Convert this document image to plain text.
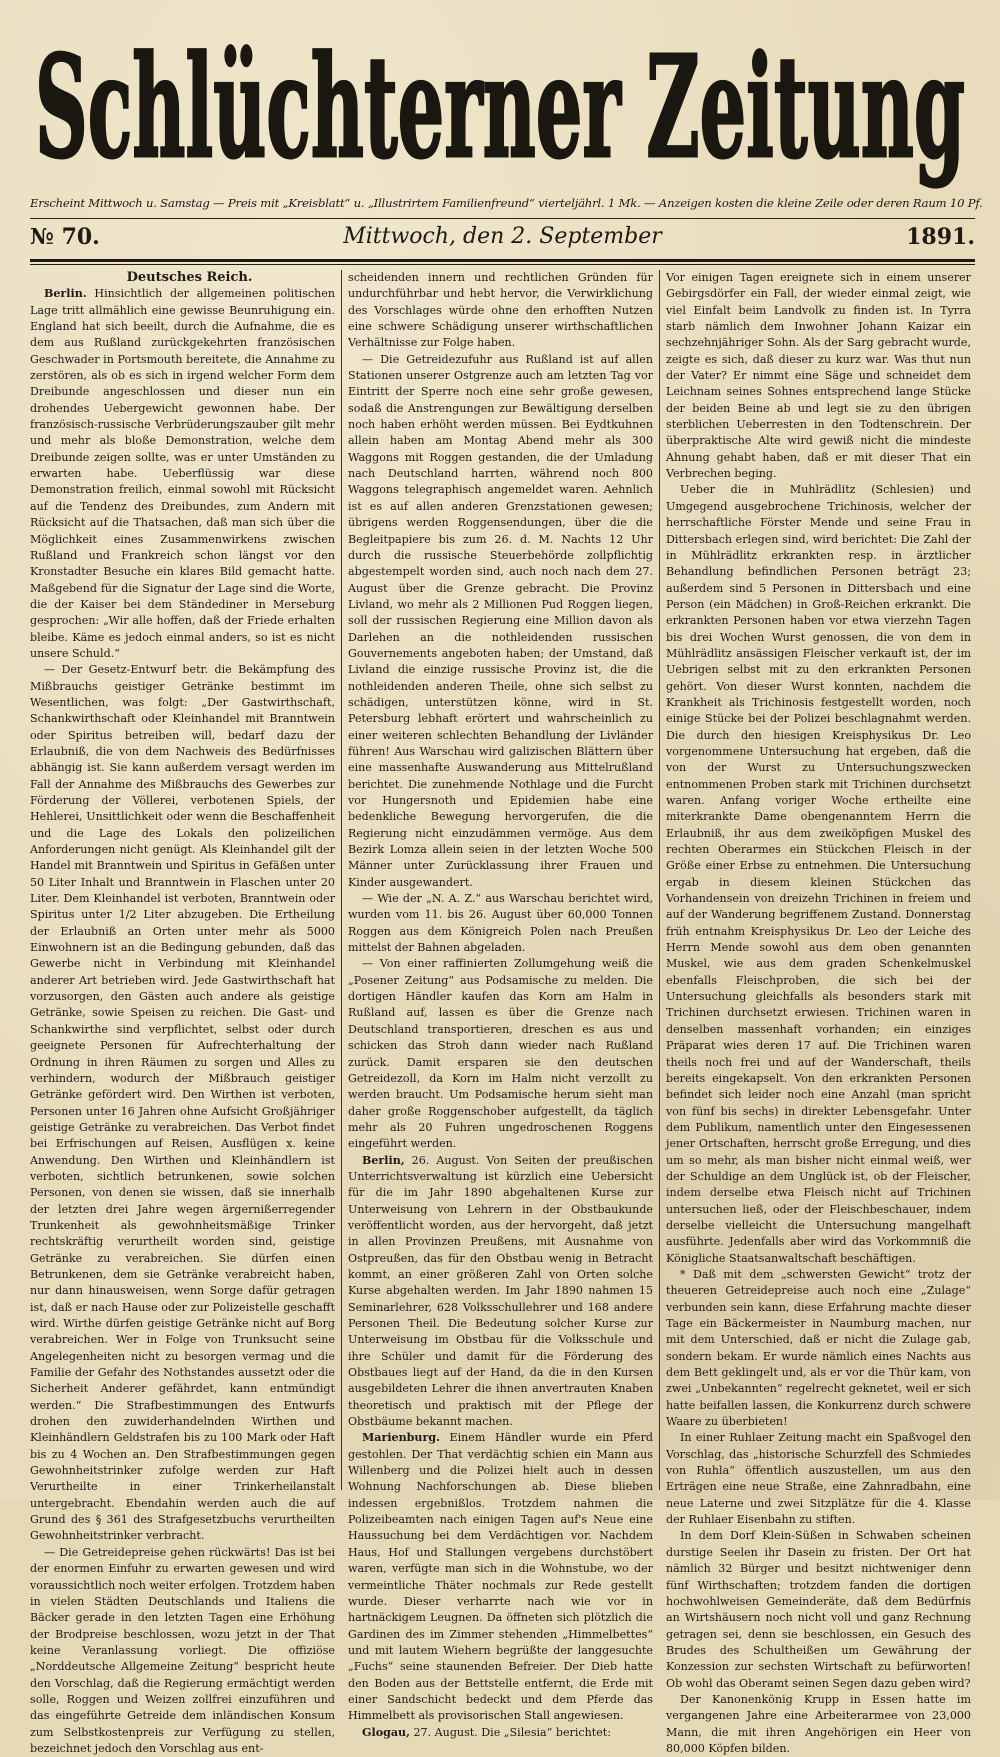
Schlüchterner Zeitung
Erscheint Mittwoch u. Samstag — Preis mit „Kreisblatt“ u. „Illustrirtem Familienfreund“ vierteljährl. 1 Mk. — Anzeigen kosten die kleine Zeile oder deren Raum 10 Pf.
№ 70.	Mittwoch, den 2. September	1891.

Deutsches Reich.

Berlin. Hinsichtlich der allgemeinen politischen Lage tritt allmählich eine gewisse Beunruhigung ein. England hat sich beeilt, durch die Aufnahme, die es dem aus Rußland zurückgekehrten französischen Geschwader in Portsmouth bereitete, die Annahme zu zerstören, als ob es sich in irgend welcher Form dem Dreibunde angeschlossen und dieser nun ein drohendes Uebergewicht gewonnen habe. Der französisch-russische Verbrüderungszauber gilt mehr und mehr als bloße Demonstration, welche dem Dreibunde zeigen sollte, was er unter Umständen zu erwarten habe. Ueberflüssig war diese Demonstration freilich, einmal sowohl mit Rücksicht auf die Tendenz des Dreibundes, zum Andern mit Rücksicht auf die Thatsachen, daß man sich über die Möglichkeit eines Zusammenwirkens zwischen Rußland und Frankreich schon längst vor den Kronstadter Besuche ein klares Bild gemacht hatte. Maßgebend für die Signatur der Lage sind die Worte, die der Kaiser bei dem Ständediner in Merseburg gesprochen: „Wir alle hoffen, daß der Friede erhalten bleibe. Käme es jedoch einmal anders, so ist es nicht unsere Schuld.“

— Der Gesetz-Entwurf betr. die Bekämpfung des Mißbrauchs geistiger Getränke bestimmt im Wesentlichen, was folgt: „Der Gastwirthschaft, Schankwirthschaft oder Kleinhandel mit Branntwein oder Spiritus betreiben will, bedarf dazu der Erlaubniß, die von dem Nachweis des Bedürfnisses abhängig ist. Sie kann außerdem versagt werden im Fall der Annahme des Mißbrauchs des Gewerbes zur Förderung der Völlerei, verbotenen Spiels, der Hehlerei, Unsittlichkeit oder wenn die Beschaffenheit und die Lage des Lokals den polizeilichen Anforderungen nicht genügt. Als Kleinhandel gilt der Handel mit Branntwein und Spiritus in Gefäßen unter 50 Liter Inhalt und Branntwein in Flaschen unter 20 Liter. Dem Kleinhandel ist verboten, Branntwein oder Spiritus unter 1/2 Liter abzugeben. Die Ertheilung der Erlaubniß an Orten unter mehr als 5000 Einwohnern ist an die Bedingung gebunden, daß das Gewerbe nicht in Verbindung mit Kleinhandel anderer Art betrieben wird. Jede Gastwirthschaft hat vorzusorgen, den Gästen auch andere als geistige Getränke, sowie Speisen zu reichen. Die Gast- und Schankwirthe sind verpflichtet, selbst oder durch geeignete Personen für Aufrechterhaltung der Ordnung in ihren Räumen zu sorgen und Alles zu verhindern, wodurch der Mißbrauch geistiger Getränke gefördert wird. Den Wirthen ist verboten, Personen unter 16 Jahren ohne Aufsicht Großjähriger geistige Getränke zu verabreichen. Das Verbot findet bei Erfrischungen auf Reisen, Ausflügen x. keine Anwendung. Den Wirthen und Kleinhändlern ist verboten, sichtlich betrunkenen, sowie solchen Personen, von denen sie wissen, daß sie innerhalb der letzten drei Jahre wegen ärgernißerregender Trunkenheit als gewohnheitsmäßige Trinker rechtskräftig verurtheilt worden sind, geistige Getränke zu verabreichen. Sie dürfen einen Betrunkenen, dem sie Getränke verabreicht haben, nur dann hinausweisen, wenn Sorge dafür getragen ist, daß er nach Hause oder zur Polizeistelle geschafft wird. Wirthe dürfen geistige Getränke nicht auf Borg verabreichen. Wer in Folge von Trunksucht seine Angelegenheiten nicht zu besorgen vermag und die Familie der Gefahr des Nothstandes aussetzt oder die Sicherheit Anderer gefährdet, kann entmündigt werden.“ Die Strafbestimmungen des Entwurfs drohen den zuwiderhandelnden Wirthen und Kleinhändlern Geldstrafen bis zu 100 Mark oder Haft bis zu 4 Wochen an. Den Strafbestimmungen gegen Gewohnheitstrinker zufolge werden zur Haft Verurtheilte in einer Trinkerheilanstalt untergebracht. Ebendahin werden auch die auf Grund des § 361 des Strafgesetzbuchs verurtheilten Gewohnheitstrinker verbracht.

— Die Getreidepreise gehen rückwärts! Das ist bei der enormen Einfuhr zu erwarten gewesen und wird voraussichtlich noch weiter erfolgen. Trotzdem haben in vielen Städten Deutschlands und Italiens die Bäcker gerade in den letzten Tagen eine Erhöhung der Brodpreise beschlossen, wozu jetzt in der That keine Veranlassung vorliegt. Die offiziöse „Norddeutsche Allgemeine Zeitung“ bespricht heute den Vorschlag, daß die Regierung ermächtigt werden solle, Roggen und Weizen zollfrei einzuführen und das eingeführte Getreide dem inländischen Konsum zum Selbstkostenpreis zur Verfügung zu stellen, bezeichnet jedoch den Vorschlag aus ent-

scheidenden innern und rechtlichen Gründen für undurchführbar und hebt hervor, die Verwirklichung des Vorschlages würde ohne den erhofften Nutzen eine schwere Schädigung unserer wirthschaftlichen Verhältnisse zur Folge haben.

— Die Getreidezufuhr aus Rußland ist auf allen Stationen unserer Ostgrenze auch am letzten Tag vor Eintritt der Sperre noch eine sehr große gewesen, sodaß die Anstrengungen zur Bewältigung derselben noch haben erhöht werden müssen. Bei Eydtkuhnen allein haben am Montag Abend mehr als 300 Waggons mit Roggen gestanden, die der Umladung nach Deutschland harrten, während noch 800 Waggons telegraphisch angemeldet waren. Aehnlich ist es auf allen anderen Grenzstationen gewesen; übrigens werden Roggensendungen, über die die Begleitpapiere bis zum 26. d. M. Nachts 12 Uhr durch die russische Steuerbehörde zollpflichtig abgestempelt worden sind, auch noch nach dem 27. August über die Grenze gebracht. Die Provinz Livland, wo mehr als 2 Millionen Pud Roggen liegen, soll der russischen Regierung eine Million davon als Darlehen an die nothleidenden russischen Gouvernements angeboten haben; der Umstand, daß Livland die einzige russische Provinz ist, die die nothleidenden anderen Theile, ohne sich selbst zu schädigen, unterstützen könne, wird in St. Petersburg lebhaft erörtert und wahrscheinlich zu einer weiteren schlechten Behandlung der Livländer führen! Aus Warschau wird galizischen Blättern über eine massenhafte Auswanderung aus Mittelrußland berichtet. Die zunehmende Nothlage und die Furcht vor Hungersnoth und Epidemien habe eine bedenkliche Bewegung hervorgerufen, die die Regierung nicht einzudämmen vermöge. Aus dem Bezirk Lomza allein seien in der letzten Woche 500 Männer unter Zurücklassung ihrer Frauen und Kinder ausgewandert.

— Wie der „N. A. Z.“ aus Warschau berichtet wird, wurden vom 11. bis 26. August über 60,000 Tonnen Roggen aus dem Königreich Polen nach Preußen mittelst der Bahnen abgeladen.

— Von einer raffinierten Zollumgehung weiß die „Posener Zeitung“ aus Podsamische zu melden. Die dortigen Händler kaufen das Korn am Halm in Rußland auf, lassen es über die Grenze nach Deutschland transportieren, dreschen es aus und schicken das Stroh dann wieder nach Rußland zurück. Damit ersparen sie den deutschen Getreidezoll, da Korn im Halm nicht verzollt zu werden braucht. Um Podsamische herum sieht man daher große Roggenschober aufgestellt, da täglich mehr als 20 Fuhren ungedroschenen Roggens eingeführt werden.

Berlin, 26. August. Von Seiten der preußischen Unterrichtsverwaltung ist kürzlich eine Uebersicht für die im Jahr 1890 abgehaltenen Kurse zur Unterweisung von Lehrern in der Obstbaukunde veröffentlicht worden, aus der hervorgeht, daß jetzt in allen Provinzen Preußens, mit Ausnahme von Ostpreußen, das für den Obstbau wenig in Betracht kommt, an einer größeren Zahl von Orten solche Kurse abgehalten werden. Im Jahr 1890 nahmen 15 Seminarlehrer, 628 Volksschullehrer und 168 andere Personen Theil. Die Bedeutung solcher Kurse zur Unterweisung im Obstbau für die Volksschule und ihre Schüler und damit für die Förderung des Obstbaues liegt auf der Hand, da die in den Kursen ausgebildeten Lehrer die ihnen anvertrauten Knaben theoretisch und praktisch mit der Pflege der Obstbäume bekannt machen.

Marienburg. Einem Händler wurde ein Pferd gestohlen. Der That verdächtig schien ein Mann aus Willenberg und die Polizei hielt auch in dessen Wohnung Nachforschungen ab. Diese blieben indessen ergebnißlos. Trotzdem nahmen die Polizeibeamten nach einigen Tagen auf's Neue eine Haussuchung bei dem Verdächtigen vor. Nachdem Haus, Hof und Stallungen vergebens durchstöbert waren, verfügte man sich in die Wohnstube, wo der vermeintliche Thäter nochmals zur Rede gestellt wurde. Dieser verharrte nach wie vor in hartnäckigem Leugnen. Da öffneten sich plötzlich die Gardinen des im Zimmer stehenden „Himmelbettes“ und mit lautem Wiehern begrüßte der langgesuchte „Fuchs“ seine staunenden Befreier. Der Dieb hatte den Boden aus der Bettstelle entfernt, die Erde mit einer Sandschicht bedeckt und dem Pferde das Himmelbett als provisorischen Stall angewiesen.

Glogau, 27. August. Die „Silesia“ berichtet:

Vor einigen Tagen ereignete sich in einem unserer Gebirgsdörfer ein Fall, der wieder einmal zeigt, wie viel Einfalt beim Landvolk zu finden ist. In Tyrra starb nämlich dem Inwohner Johann Kaizar ein sechzehnjähriger Sohn. Als der Sarg gebracht wurde, zeigte es sich, daß dieser zu kurz war. Was thut nun der Vater? Er nimmt eine Säge und schneidet dem Leichnam seines Sohnes entsprechend lange Stücke der beiden Beine ab und legt sie zu den übrigen sterblichen Ueberresten in den Todtenschrein. Der überpraktische Alte wird gewiß nicht die mindeste Ahnung gehabt haben, daß er mit dieser That ein Verbrechen beging.

Ueber die in Muhlrädlitz (Schlesien) und Umgegend ausgebrochene Trichinosis, welcher der herrschaftliche Förster Mende und seine Frau in Dittersbach erlegen sind, wird berichtet: Die Zahl der in Mühlrädlitz erkrankten resp. in ärztlicher Behandlung befindlichen Personen beträgt 23; außerdem sind 5 Personen in Dittersbach und eine Person (ein Mädchen) in Groß-Reichen erkrankt. Die erkrankten Personen haben vor etwa vierzehn Tagen bis drei Wochen Wurst genossen, die von dem in Mühlrädlitz ansässigen Fleischer verkauft ist, der im Uebrigen selbst mit zu den erkrankten Personen gehört. Von dieser Wurst konnten, nachdem die Krankheit als Trichinosis festgestellt worden, noch einige Stücke bei der Polizei beschlagnahmt werden. Die durch den hiesigen Kreisphysikus Dr. Leo vorgenommene Untersuchung hat ergeben, daß die von der Wurst zu Untersuchungszwecken entnommenen Proben stark mit Trichinen durchsetzt waren. Anfang voriger Woche ertheilte eine miterkrankte Dame obengenanntem Herrn die Erlaubniß, ihr aus dem zweiköpfigen Muskel des rechten Oberarmes ein Stückchen Fleisch in der Größe einer Erbse zu entnehmen. Die Untersuchung ergab in diesem kleinen Stückchen das Vorhandensein von dreizehn Trichinen in freiem und auf der Wanderung begriffenem Zustand. Donnerstag früh entnahm Kreisphysikus Dr. Leo der Leiche des Herrn Mende sowohl aus dem oben genannten Muskel, wie aus dem graden Schenkelmuskel ebenfalls Fleischproben, die sich bei der Untersuchung gleichfalls als besonders stark mit Trichinen durchsetzt erwiesen. Trichinen waren in denselben massenhaft vorhanden; ein einziges Präparat wies deren 17 auf. Die Trichinen waren theils noch frei und auf der Wanderschaft, theils bereits eingekapselt. Von den erkrankten Personen befindet sich leider noch eine Anzahl (man spricht von fünf bis sechs) in direkter Lebensgefahr. Unter dem Publikum, namentlich unter den Eingesessenen jener Ortschaften, herrscht große Erregung, und dies um so mehr, als man bisher nicht einmal weiß, wer der Schuldige an dem Unglück ist, ob der Fleischer, indem derselbe etwa Fleisch nicht auf Trichinen untersuchen ließ, oder der Fleischbeschauer, indem derselbe vielleicht die Untersuchung mangelhaft ausführte. Jedenfalls aber wird das Vorkommniß die Königliche Staatsanwaltschaft beschäftigen.

* Daß mit dem „schwersten Gewicht“ trotz der theueren Getreidepreise auch noch eine „Zulage“ verbunden sein kann, diese Erfahrung machte dieser Tage ein Bäckermeister in Naumburg machen, nur mit dem Unterschied, daß er nicht die Zulage gab, sondern bekam. Er wurde nämlich eines Nachts aus dem Bett geklingelt und, als er vor die Thür kam, von zwei „Unbekannten“ regelrecht geknetet, weil er sich hatte beifallen lassen, die Konkurrenz durch schwere Waare zu überbieten!

In einer Ruhlaer Zeitung macht ein Spaßvogel den Vorschlag, das „historische Schurzfell des Schmiedes von Ruhla“ öffentlich auszustellen, um aus den Erträgen eine neue Straße, eine Zahnradbahn, eine neue Laterne und zwei Sitzplätze für die 4. Klasse der Ruhlaer Eisenbahn zu stiften.

In dem Dorf Klein-Süßen in Schwaben scheinen durstige Seelen ihr Dasein zu fristen. Der Ort hat nämlich 32 Bürger und besitzt nichtweniger denn fünf Wirthschaften; trotzdem fanden die dortigen hochwohlweisen Gemeinderäte, daß dem Bedürfnis an Wirtshäusern noch nicht voll und ganz Rechnung getragen sei, denn sie beschlossen, ein Gesuch des Brudes des Schultheißen um Gewährung der Konzession zur sechsten Wirtschaft zu befürworten! Ob wohl das Oberamt seinen Segen dazu geben wird?

Der Kanonenkönig Krupp in Essen hatte im vergangenen Jahre eine Arbeiterarmee von 23,000 Mann, die mit ihren Angehörigen ein Heer von 80,000 Köpfen bilden.
